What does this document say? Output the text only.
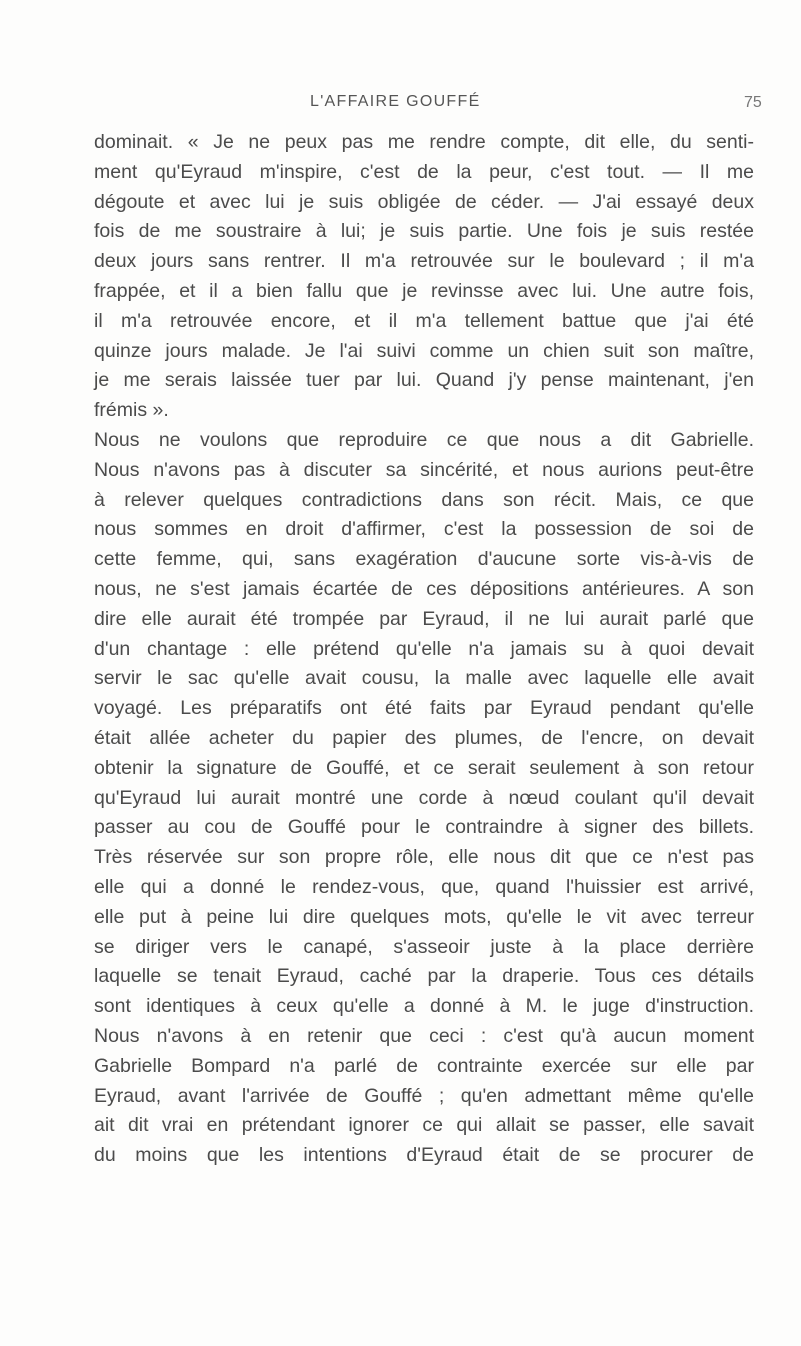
L'AFFAIRE GOUFFÉ	75
dominait. « Je ne peux pas me rendre compte, dit elle, du senti-
ment qu'Eyraud m'inspire, c'est de la peur, c'est tout. — Il me
dégoute et avec lui je suis obligée de céder. — J'ai essayé deux
fois de me soustraire à lui; je suis partie. Une fois je suis restée
deux jours sans rentrer. Il m'a retrouvée sur le boulevard ; il m'a
frappée, et il a bien fallu que je revinsse avec lui. Une autre fois,
il m'a retrouvée encore, et il m'a tellement battue que j'ai été
quinze jours malade. Je l'ai suivi comme un chien suit son maître,
je me serais laissée tuer par lui. Quand j'y pense maintenant, j'en
frémis ».
Nous ne voulons que reproduire ce que nous a dit Gabrielle.
Nous n'avons pas à discuter sa sincérité, et nous aurions peut-être
à relever quelques contradictions dans son récit. Mais, ce que
nous sommes en droit d'affirmer, c'est la possession de soi de
cette femme, qui, sans exagération d'aucune sorte vis-à-vis de
nous, ne s'est jamais écartée de ces dépositions antérieures. A son
dire elle aurait été trompée par Eyraud, il ne lui aurait parlé que
d'un chantage : elle prétend qu'elle n'a jamais su à quoi devait
servir le sac qu'elle avait cousu, la malle avec laquelle elle avait
voyagé. Les préparatifs ont été faits par Eyraud pendant qu'elle
était allée acheter du papier des plumes, de l'encre, on devait
obtenir la signature de Gouffé, et ce serait seulement à son retour
qu'Eyraud lui aurait montré une corde à nœud coulant qu'il devait
passer au cou de Gouffé pour le contraindre à signer des billets.
Très réservée sur son propre rôle, elle nous dit que ce n'est pas
elle qui a donné le rendez-vous, que, quand l'huissier est arrivé,
elle put à peine lui dire quelques mots, qu'elle le vit avec terreur
se diriger vers le canapé, s'asseoir juste à la place derrière
laquelle se tenait Eyraud, caché par la draperie. Tous ces détails
sont identiques à ceux qu'elle a donné à M. le juge d'instruction.
Nous n'avons à en retenir que ceci : c'est qu'à aucun moment
Gabrielle Bompard n'a parlé de contrainte exercée sur elle par
Eyraud, avant l'arrivée de Gouffé ; qu'en admettant même qu'elle
ait dit vrai en prétendant ignorer ce qui allait se passer, elle savait
du moins que les intentions d'Eyraud était de se procurer de
